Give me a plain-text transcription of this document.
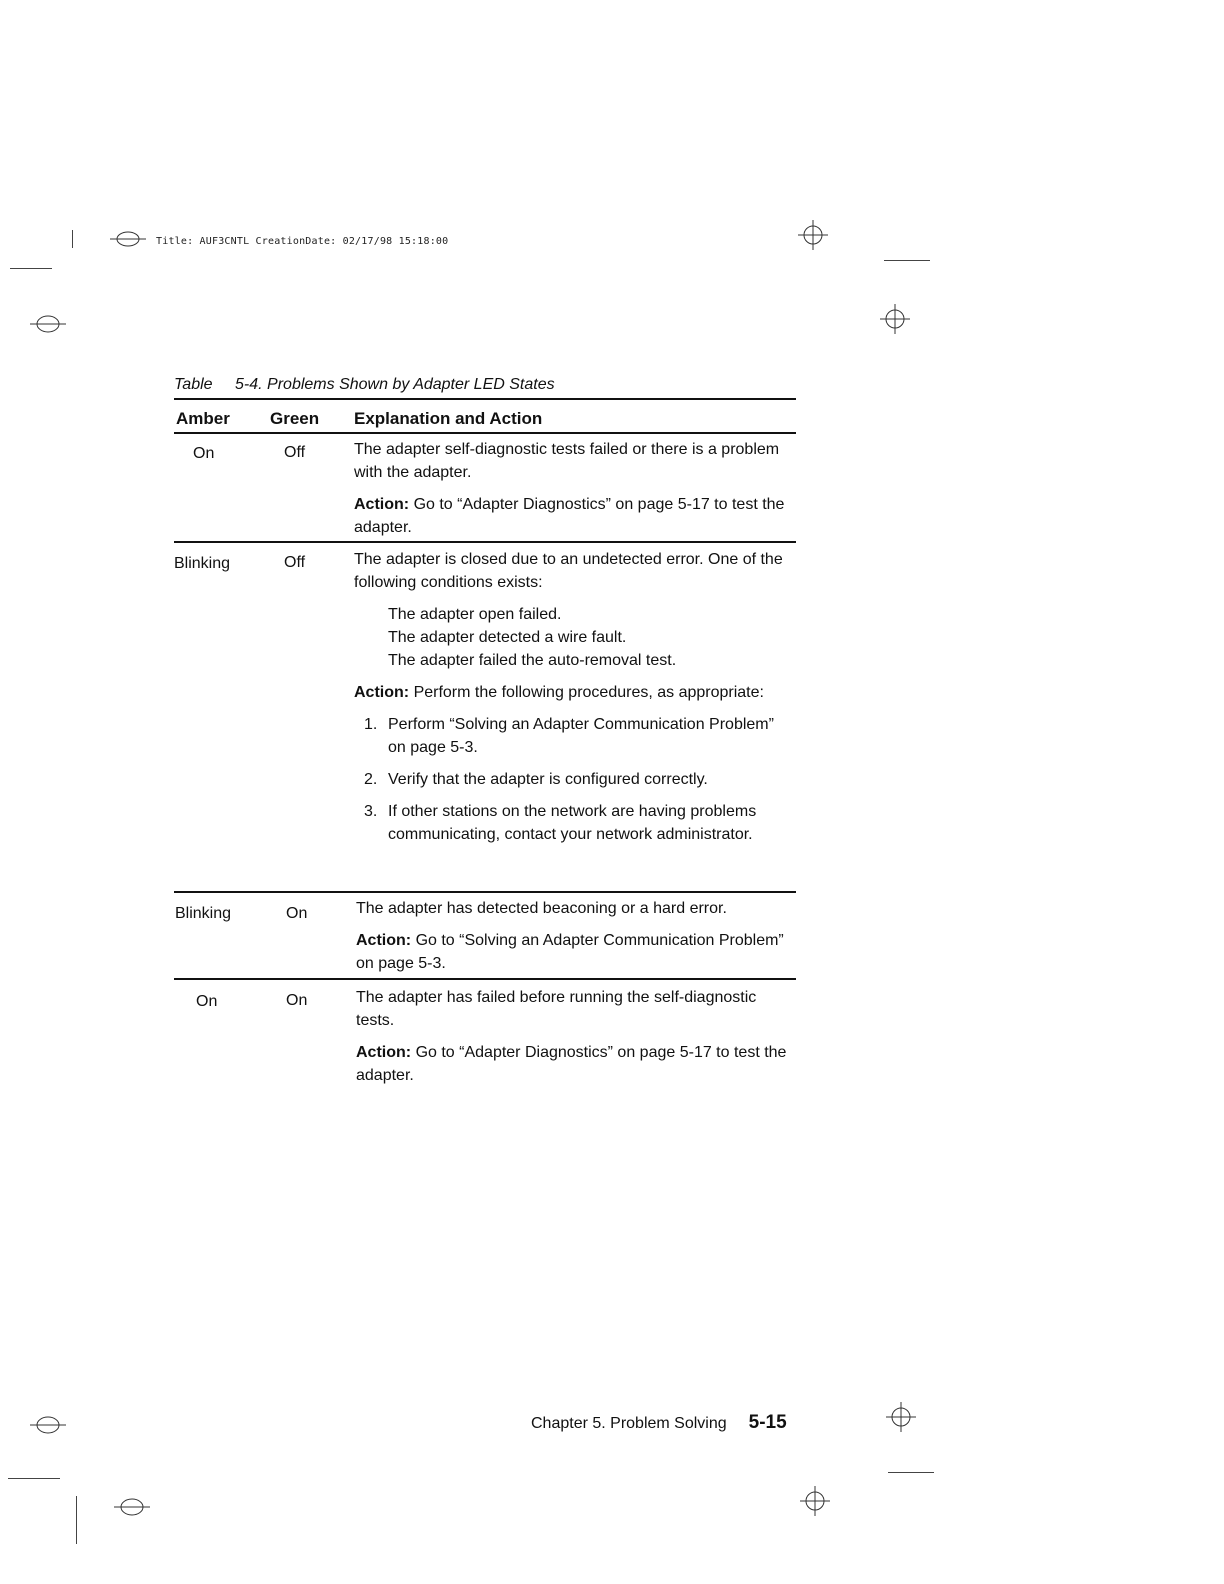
Title: AUF3CNTL CreationDate: 02/17/98 15:18:00
Table 5-4. Problems Shown by Adapter LED States
Amber Green Explanation and Action
On	Off	The adapter self-diagnostic tests failed or there is a problem with the adapter.

Action: Go to “Adapter Diagnostics” on page 5-17 to test the adapter.

Blinking	Off	The adapter is closed due to an undetected error. One of the following conditions exists:

The adapter open failed.
The adapter detected a wire fault.
The adapter failed the auto-removal test.

Action: Perform the following procedures, as appropriate:

1. Perform “Solving an Adapter Communication Problem” on page 5-3.
2. Verify that the adapter is configured correctly.
3. If other stations on the network are having problems communicating, contact your network administrator.
Blinking	On	The adapter has detected beaconing or a hard error.

Action: Go to “Solving an Adapter Communication Problem” on page 5-3.

On	On	The adapter has failed before running the self-diagnostic tests.

Action: Go to “Adapter Diagnostics” on page 5-17 to test the adapter.

Chapter 5. Problem Solving 5-15
